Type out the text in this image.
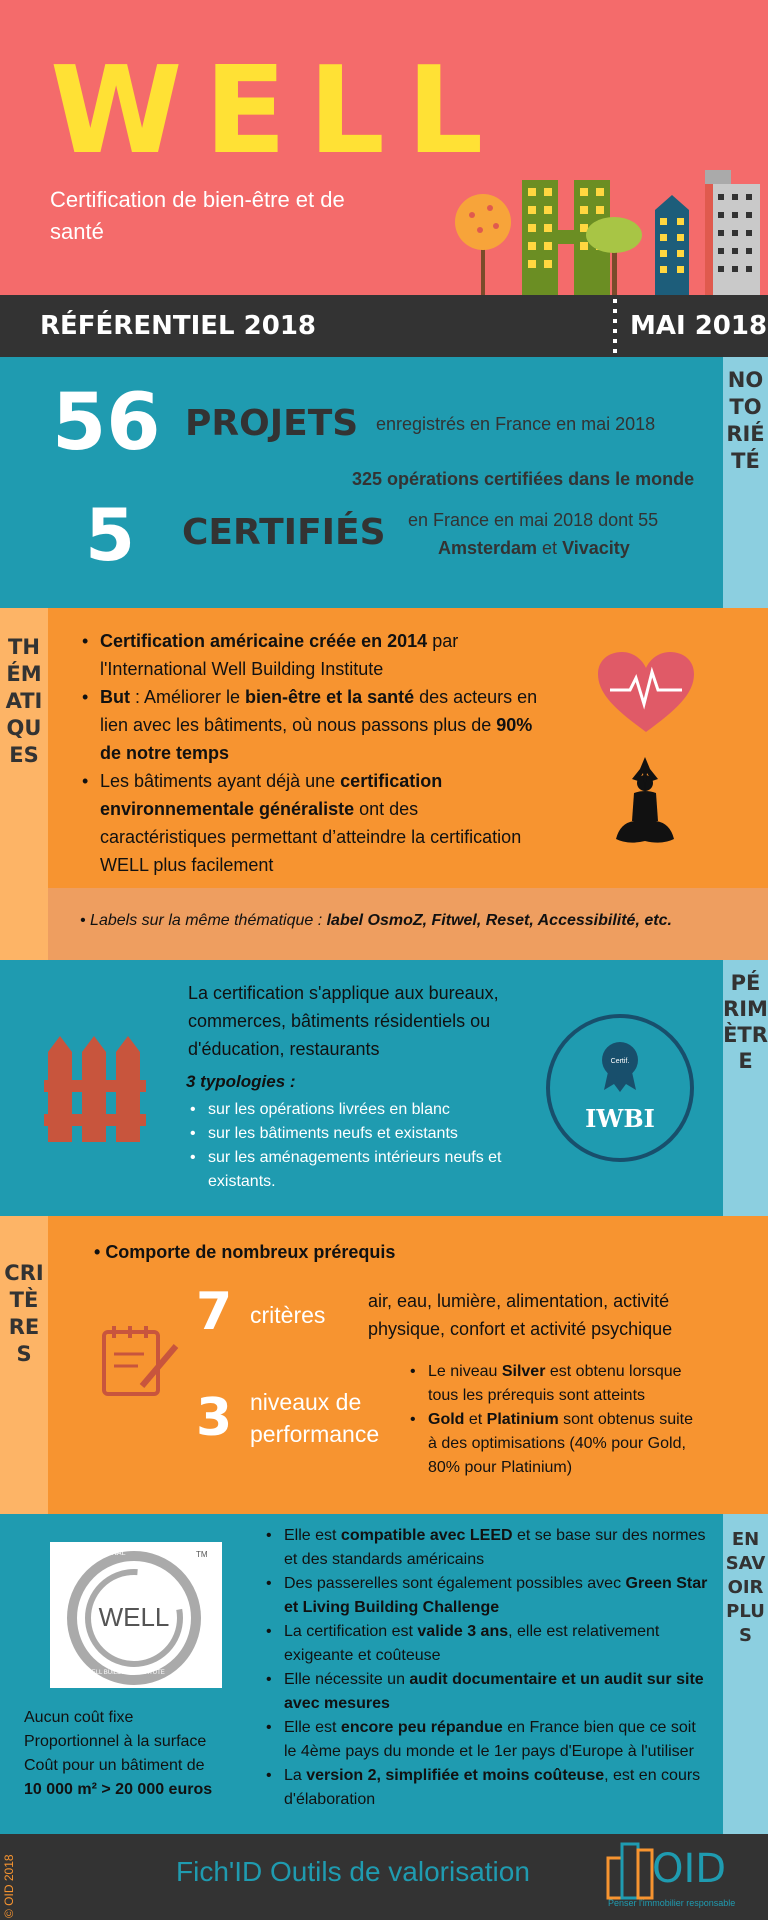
WELL
Certification de bien-être et de santé
RÉFÉRENTIEL 2018	MAI 2018
NOTORIÉTÉ
56 PROJETS enregistrés en France en mai 2018
325 opérations certifiées dans le monde
5 CERTIFIÉS en France en mai 2018 dont 55
Amsterdam et Vivacity
THÉMATIQUES
• Certification américaine créée en 2014 par l'International Well Building Institute
• But : Améliorer le bien-être et la santé des acteurs en lien avec les bâtiments, où nous passons plus de 90% de notre temps
• Les bâtiments ayant déjà une certification environnementale généraliste ont des caractéristiques permettant d’atteindre la certification WELL plus facilement
• Labels sur la même thématique : label OsmoZ, Fitwel, Reset, Accessibilité, etc.
PÉRIMÈTRE
La certification s'applique aux bureaux, commerces, bâtiments résidentiels ou d'éducation, restaurants
3 typologies :
• sur les opérations livrées en blanc
• sur les bâtiments neufs et existants
• sur les aménagements intérieurs neufs et existants.
Certif.
IWBI
CRITÈRES
• Comporte de nombreux prérequis
7 critères
air, eau, lumière, alimentation, activité physique, confort et activité psychique
3 niveaux de performance
• Le niveau Silver est obtenu lorsque tous les prérequis sont atteints
• Gold et Platinium sont obtenus suite à des optimisations (40% pour Gold, 80% pour Platinium)
EN SAVOIR PLUS
WELL
INTERNATIONAL
WELL BUILDING INSTITUTE
TM
Aucun coût fixe
Proportionnel à la surface
Coût pour un bâtiment de
10 000 m² > 20 000 euros
• Elle est compatible avec LEED et se base sur des normes et des standards américains
• Des passerelles sont également possibles avec Green Star et Living Building Challenge
• La certification est valide 3 ans, elle est relativement exigeante et coûteuse
• Elle nécessite un audit documentaire et un audit sur site avec mesures
• Elle est encore peu répandue en France bien que ce soit le 4ème pays du monde et le 1er pays d'Europe à l'utiliser
• La version 2, simplifiée et moins coûteuse, est en cours d'élaboration
© OID 2018	Fich'ID Outils de valorisation	OID
Penser l'immobilier responsable
